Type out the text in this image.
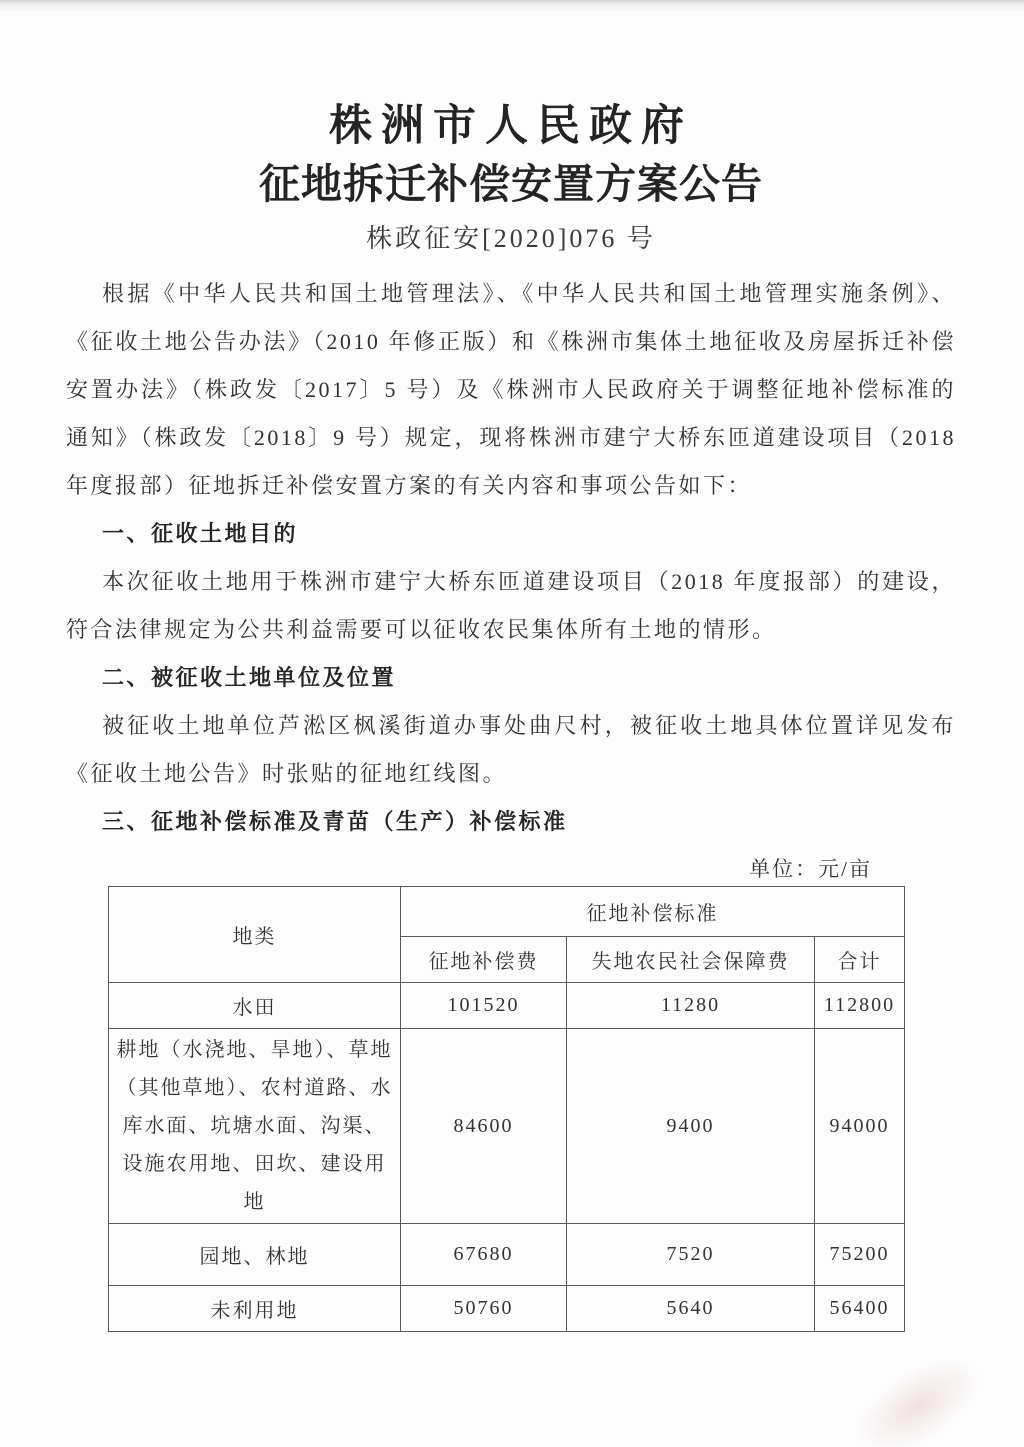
株洲市人民政府
征地拆迁补偿安置方案公告
株政征安[2020]076 号

根据《中华人民共和国土地管理法》、《中华人民共和国土地管理实施条例》、《征收土地公告办法》（2010 年修正版）和《株洲市集体土地征收及房屋拆迁补偿安置办法》（株政发〔2017〕5 号）及《株洲市人民政府关于调整征地补偿标准的通知》（株政发〔2018〕9 号）规定，现将株洲市建宁大桥东匝道建设项目（2018 年度报部）征地拆迁补偿安置方案的有关内容和事项公告如下：

一、征收土地目的

本次征收土地用于株洲市建宁大桥东匝道建设项目（2018 年度报部）的建设，符合法律规定为公共利益需要可以征收农民集体所有土地的情形。

二、被征收土地单位及位置

被征收土地单位芦淞区枫溪街道办事处曲尺村，被征收土地具体位置详见发布《征收土地公告》时张贴的征地红线图。

三、征地补偿标准及青苗（生产）补偿标准
单位：元/亩
地类	征地补偿标准		
	征地补偿费	失地农民社会保障费	合计
水田	101520	11280	112800
耕地（水浇地、旱地）、草地（其他草地）、农村道路、水库水面、坑塘水面、沟渠、设施农用地、田坎、建设用地	84600	9400	94000
园地、林地	67680	7520	75200
未利用地	50760	5640	56400
